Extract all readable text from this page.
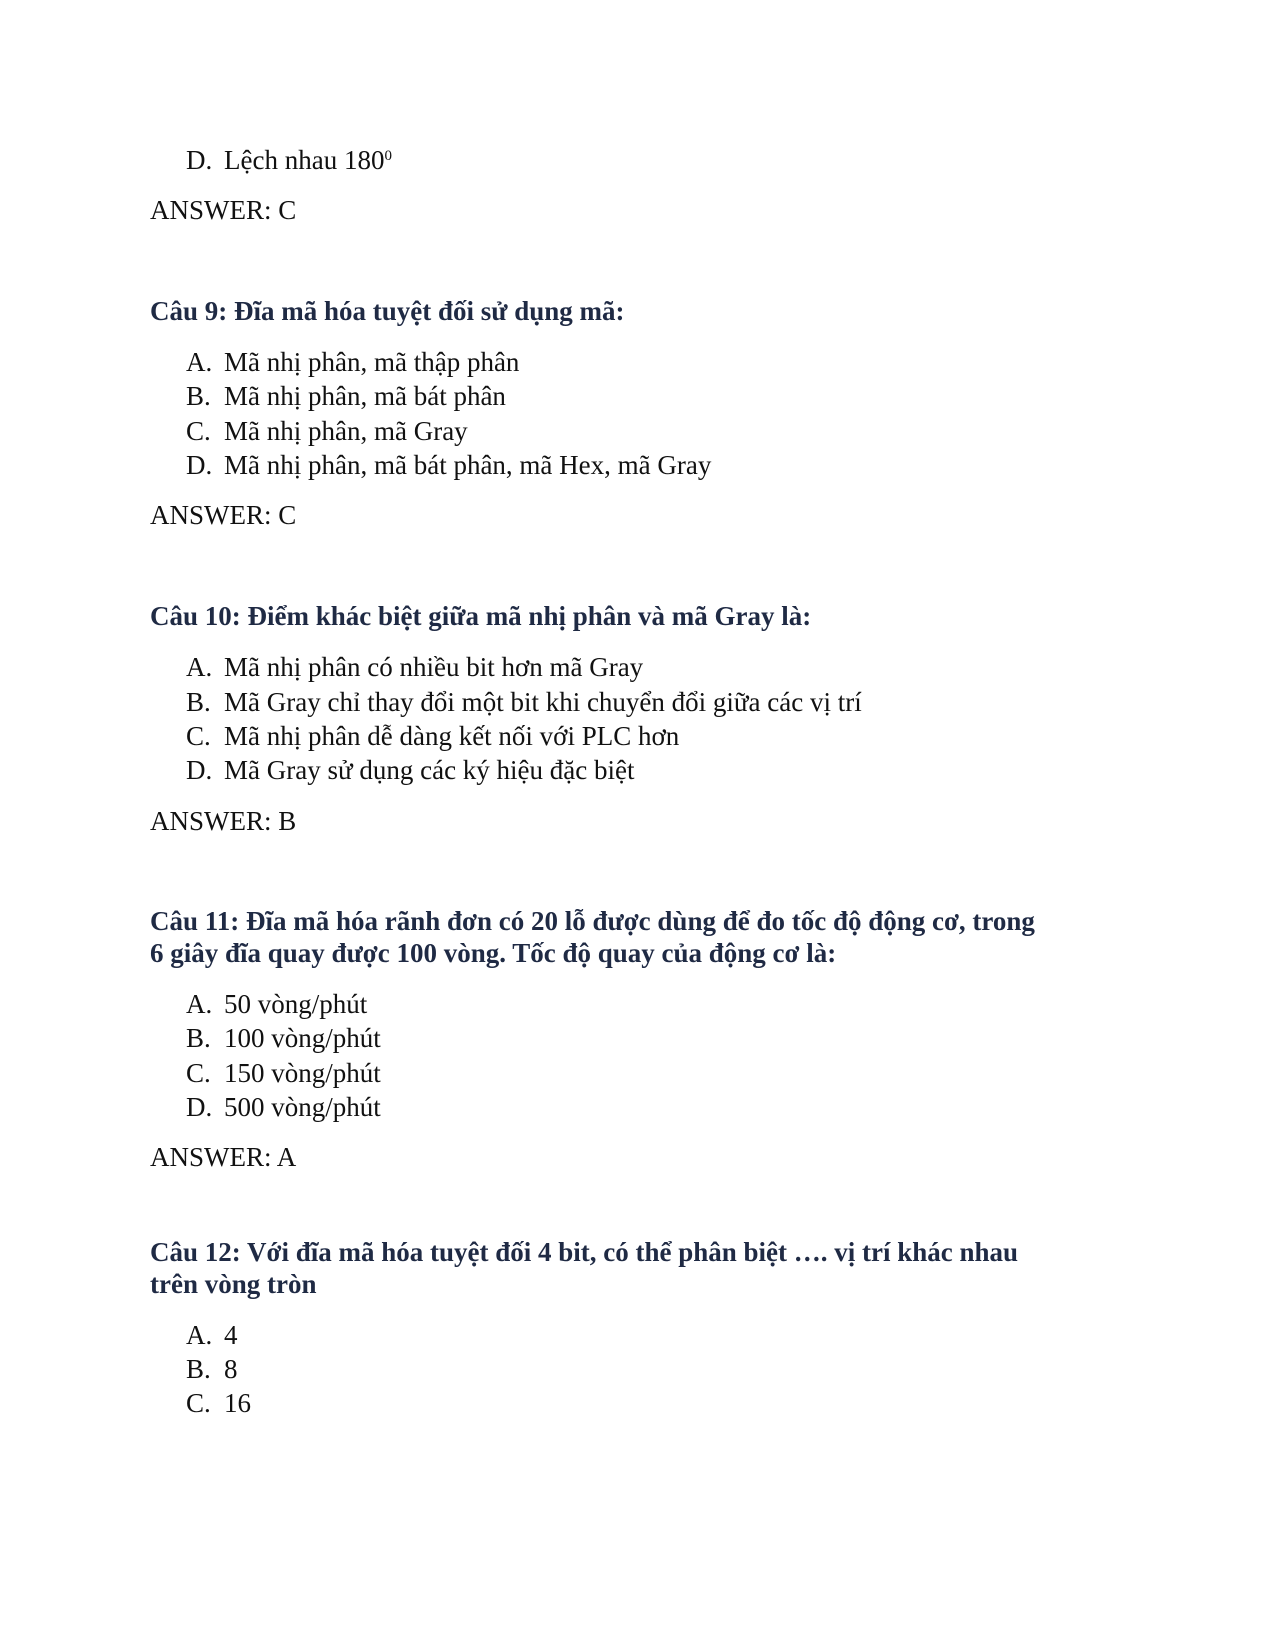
D. Lệch nhau $180^0$
ANSWER: C
Câu 9: Đĩa mã hóa tuyệt đối sử dụng mã:
A. Mã nhị phân, mã thập phân
B. Mã nhị phân, mã bát phân
C. Mã nhị phân, mã Gray
D. Mã nhị phân, mã bát phân, mã Hex, mã Gray
ANSWER: C
Câu 10: Điểm khác biệt giữa mã nhị phân và mã Gray là:
A. Mã nhị phân có nhiều bit hơn mã Gray
B. Mã Gray chỉ thay đổi một bit khi chuyển đổi giữa các vị trí
C. Mã nhị phân dễ dàng kết nối với PLC hơn
D. Mã Gray sử dụng các ký hiệu đặc biệt
ANSWER: B
Câu 11: Đĩa mã hóa rãnh đơn có 20 lỗ được dùng để đo tốc độ động cơ, trong
6 giây đĩa quay được 100 vòng. Tốc độ quay của động cơ là:
A. 50 vòng/phút
B. 100 vòng/phút
C. 150 vòng/phút
D. 500 vòng/phút
ANSWER: A
Câu 12: Với đĩa mã hóa tuyệt đối 4 bit, có thể phân biệt …. vị trí khác nhau
trên vòng tròn
A. 4
B. 8
C. 16
